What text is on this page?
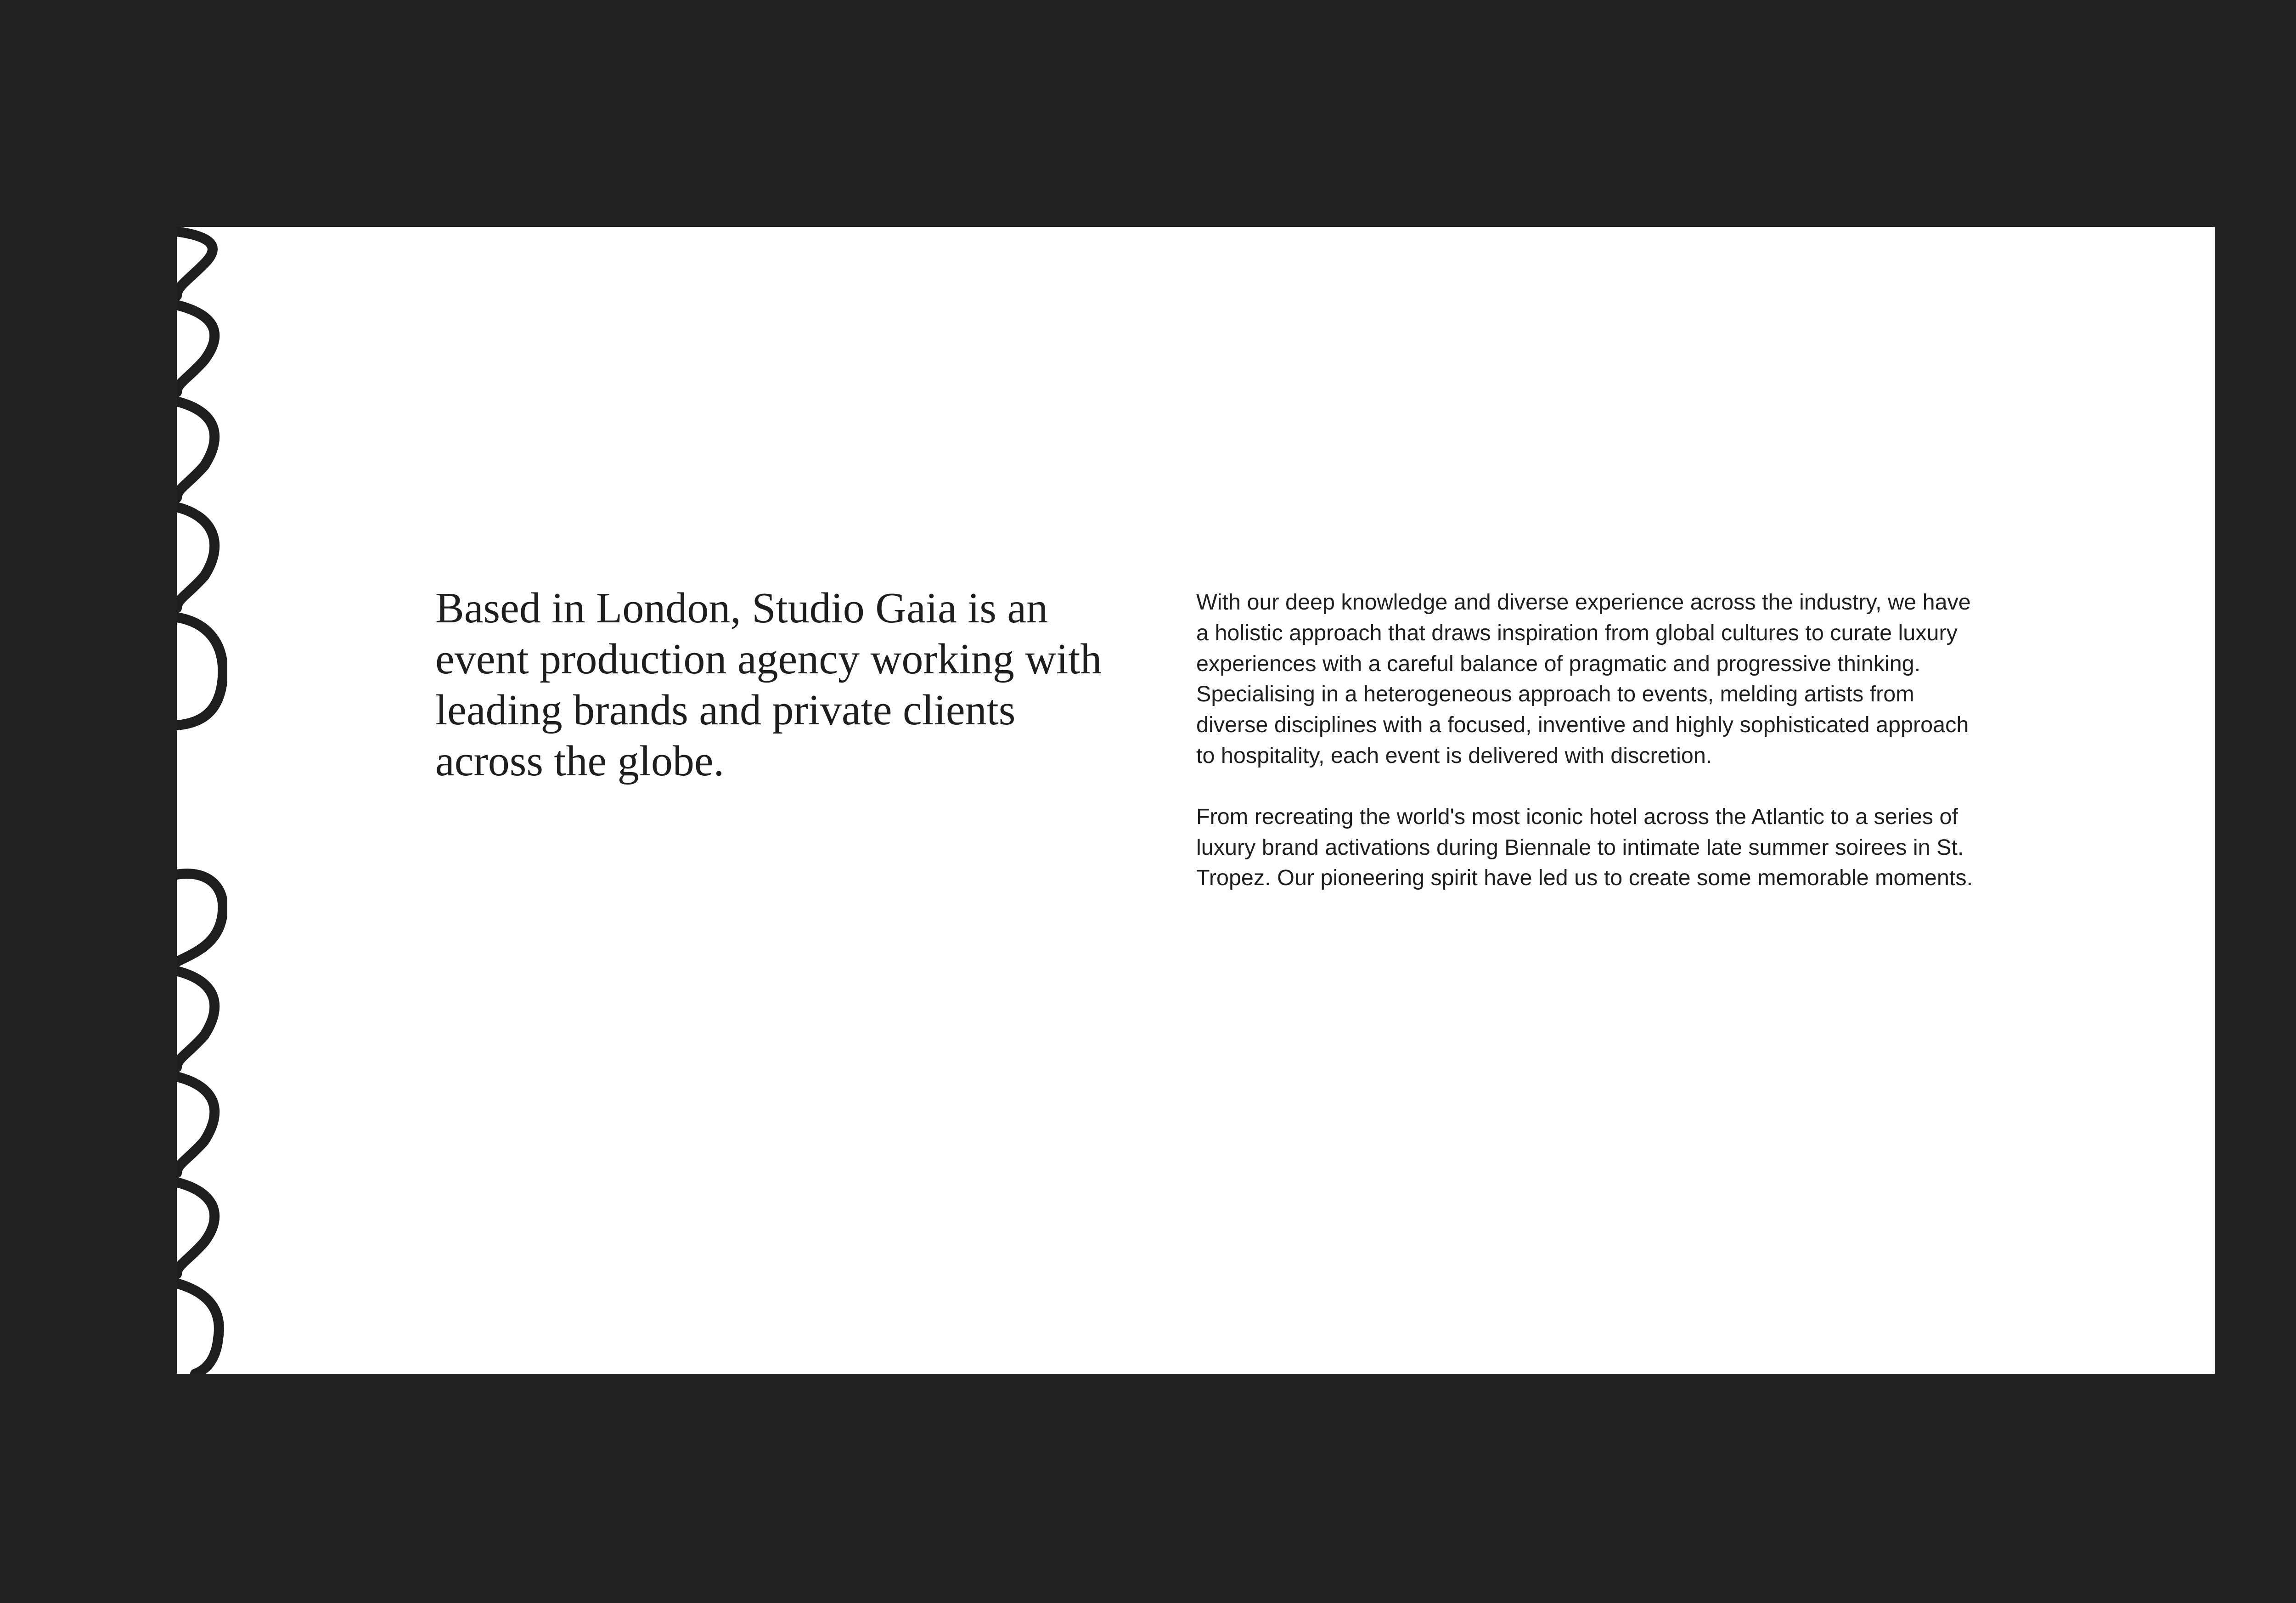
Based in London, Studio Gaia is an event production agency working with leading brands and private clients across the globe.

With our deep knowledge and diverse experience across the industry, we have a holistic approach that draws inspiration from global cultures to curate luxury experiences with a careful balance of pragmatic and progressive thinking. Specialising in a heterogeneous approach to events, melding artists from diverse disciplines with a focused, inventive and highly sophisticated approach to hospitality, each event is delivered with discretion.

From recreating the world's most iconic hotel across the Atlantic to a series of luxury brand activations during Biennale to intimate late summer soirees in St. Tropez. Our pioneering spirit have led us to create some memorable moments.
